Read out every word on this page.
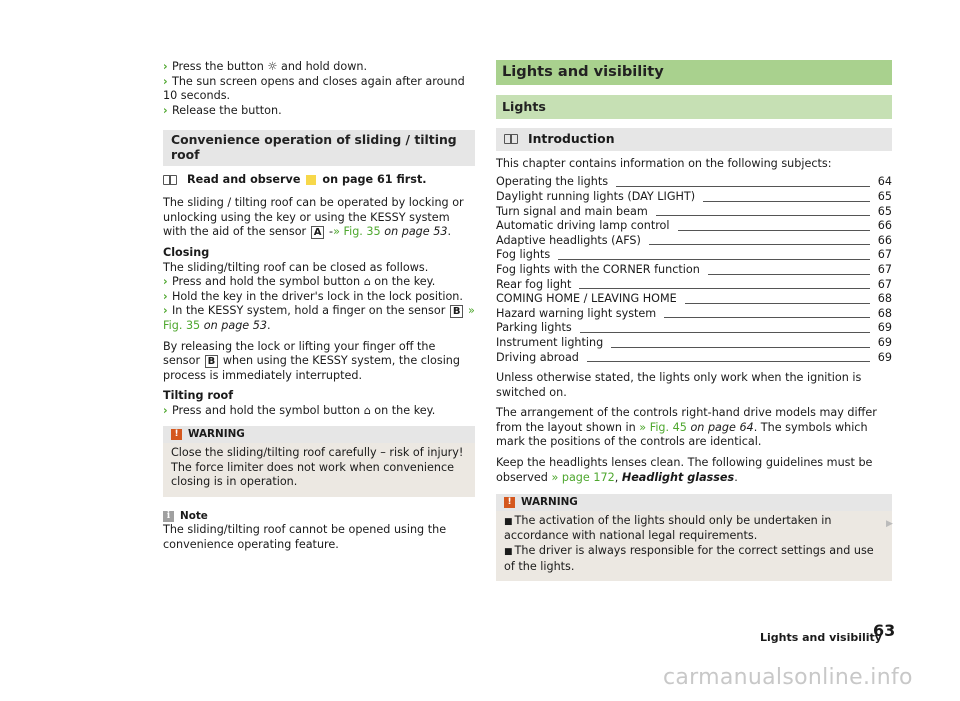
› Press the button ☼ and hold down.
› The sun screen opens and closes again after around 10 seconds.
› Release the button.
Convenience operation of sliding / tilting roof
Read and observe on page 61 first.
The sliding / tilting roof can be operated by locking or unlocking using the key or using the KESSY system with the aid of the sensor A -» Fig. 35 on page 53.
Closing
The sliding/tilting roof can be closed as follows.
› Press and hold the symbol button ⌂ on the key.
› Hold the key in the driver's lock in the lock position.
› In the KESSY system, hold a finger on the sensor B » Fig. 35 on page 53.
By releasing the lock or lifting your finger off the sensor B when using the KESSY system, the closing process is immediately interrupted.
Tilting roof
› Press and hold the symbol button ⌂ on the key.
! WARNING
Close the sliding/tilting roof carefully – risk of injury! The force limiter does not work when convenience closing is in operation.
i Note
The sliding/tilting roof cannot be opened using the convenience operating feature.
Lights and visibility
Lights
Introduction
This chapter contains information on the following subjects:
Operating the lights	64
Daylight running lights (DAY LIGHT)	65
Turn signal and main beam	65
Automatic driving lamp control	66
Adaptive headlights (AFS)	66
Fog lights	67
Fog lights with the CORNER function	67
Rear fog light	67
COMING HOME / LEAVING HOME	68
Hazard warning light system	68
Parking lights	69
Instrument lighting	69
Driving abroad	69
Unless otherwise stated, the lights only work when the ignition is switched on.
The arrangement of the controls right-hand drive models may differ from the layout shown in » Fig. 45 on page 64. The symbols which mark the positions of the controls are identical.
Keep the headlights lenses clean. The following guidelines must be observed » page 172, Headlight glasses.
! WARNING
■ The activation of the lights should only be undertaken in accordance with national legal requirements.
■ The driver is always responsible for the correct settings and use of the lights.
▶
Lights and visibility
63
carmanualsonline.info
